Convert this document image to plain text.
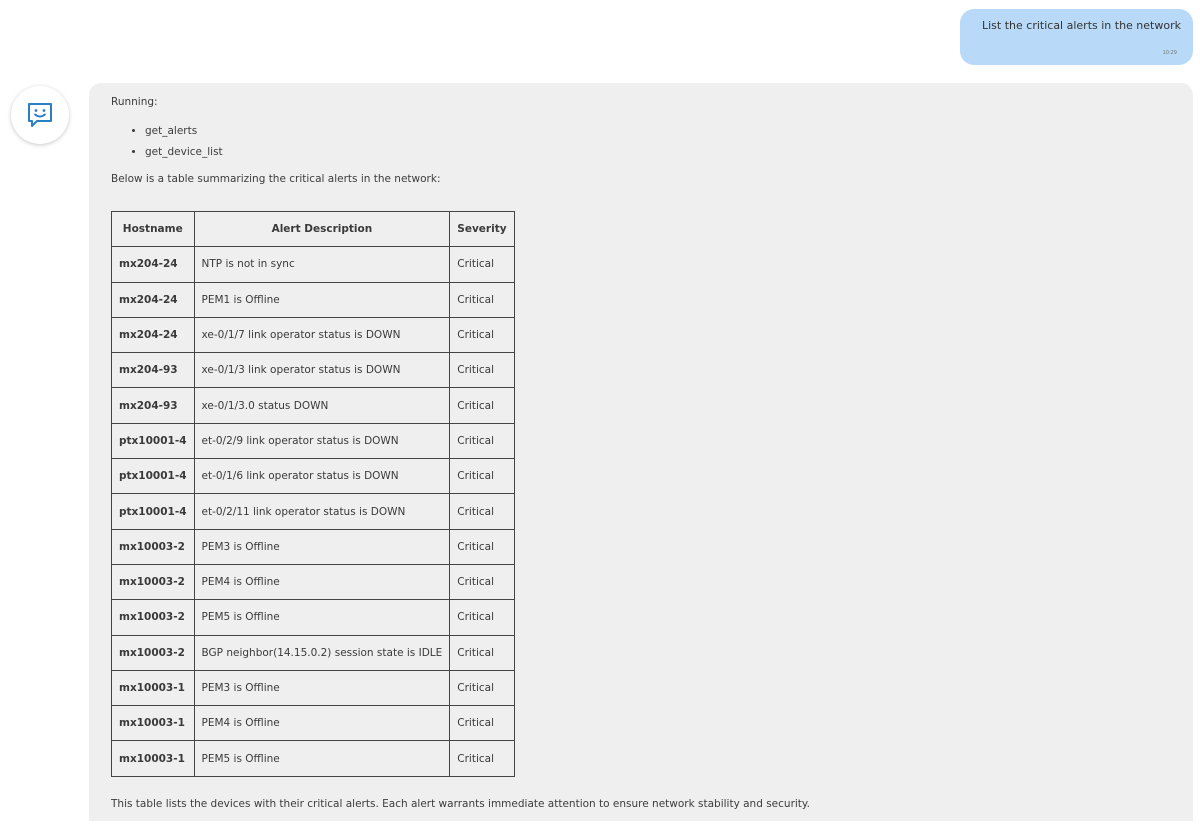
List the critical alerts in the network
10:29
Running:
• get_alerts
• get_device_list
Below is a table summarizing the critical alerts in the network:
Hostname	Alert Description	Severity
mx204-24	NTP is not in sync	Critical
mx204-24	PEM1 is Offline	Critical
mx204-24	xe-0/1/7 link operator status is DOWN	Critical
mx204-93	xe-0/1/3 link operator status is DOWN	Critical
mx204-93	xe-0/1/3.0 status DOWN	Critical
ptx10001-4	et-0/2/9 link operator status is DOWN	Critical
ptx10001-4	et-0/1/6 link operator status is DOWN	Critical
ptx10001-4	et-0/2/11 link operator status is DOWN	Critical
mx10003-2	PEM3 is Offline	Critical
mx10003-2	PEM4 is Offline	Critical
mx10003-2	PEM5 is Offline	Critical
mx10003-2	BGP neighbor(14.15.0.2) session state is IDLE	Critical
mx10003-1	PEM3 is Offline	Critical
mx10003-1	PEM4 is Offline	Critical
mx10003-1	PEM5 is Offline	Critical
This table lists the devices with their critical alerts. Each alert warrants immediate attention to ensure network stability and security.
